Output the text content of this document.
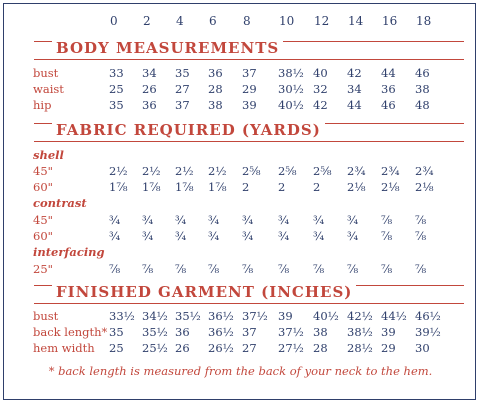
0 2 4 6 8 10 12 14 16 18
BODY MEASUREMENTS
bust	33 34 35 36 37 38½ 40 42 44 46
waist	25 26 27 28 29 30½ 32 34 36 38
hip	35 36 37 38 39 40½ 42 44 46 48
FABRIC REQUIRED (YARDS)
shell
45"	2½ 2½ 2½ 2½ 2⅝ 2⅝ 2⅝ 2¾ 2¾ 2¾
60"	1⅞ 1⅞ 1⅞ 1⅞ 2 2 2 2⅛ 2⅛ 2⅛
contrast
45"	¾ ¾ ¾ ¾ ¾ ¾ ¾ ¾ ⅞ ⅞
60"	¾ ¾ ¾ ¾ ¾ ¾ ¾ ¾ ⅞ ⅞
interfacing
25"	⅞ ⅞ ⅞ ⅞ ⅞ ⅞ ⅞ ⅞ ⅞ ⅞
FINISHED GARMENT (INCHES)
bust	33½ 34½ 35½ 36½ 37½ 39 40½ 42½ 44½ 46½
back length* 35 35½ 36 36½ 37 37½ 38 38½ 39 39½
hem width 25 25½ 26 26½ 27 27½ 28 28½ 29 30
* back length is measured from the back of your neck to the hem.
